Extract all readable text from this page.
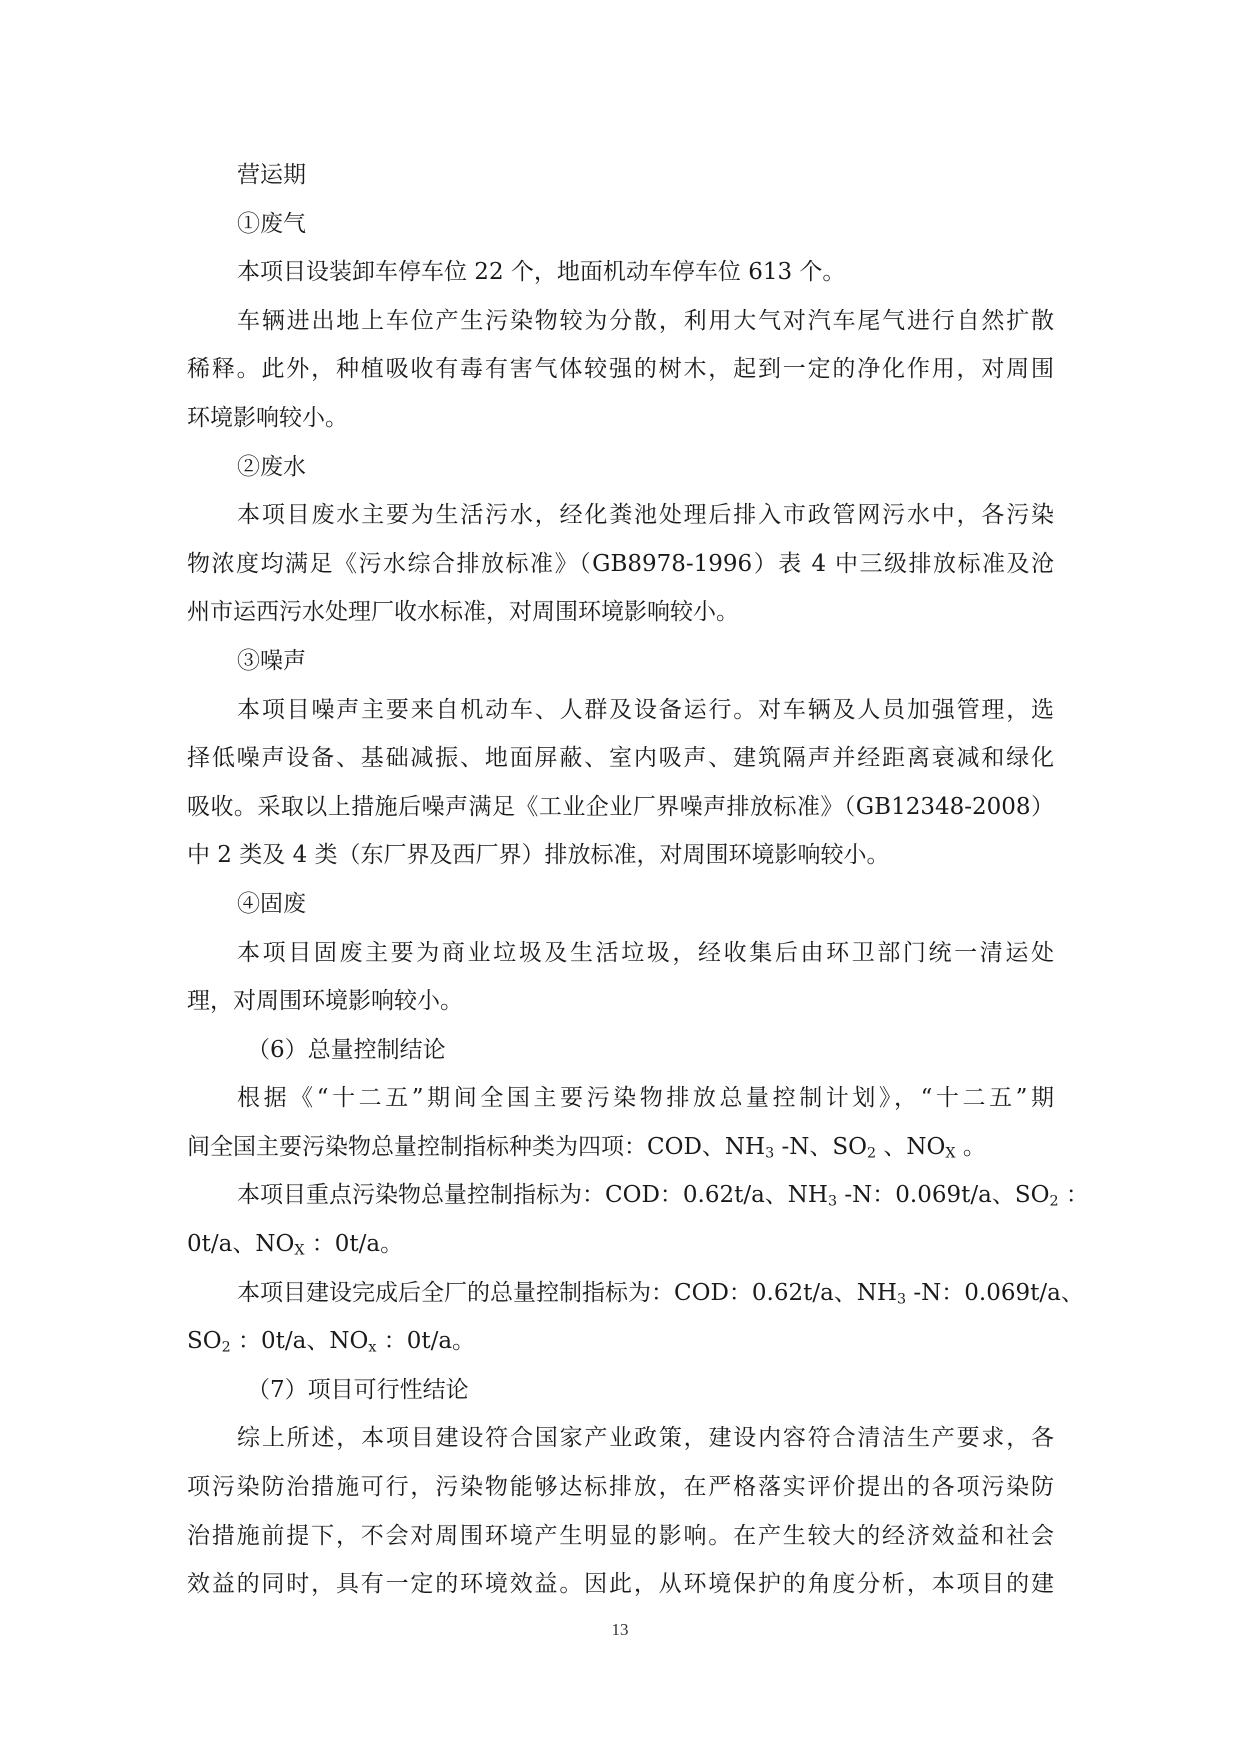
营运期
①废气
本项目设装卸车停车位 22 个，地面机动车停车位 613 个。
车辆进出地上车位产生污染物较为分散，利用大气对汽车尾气进行自然扩散
稀释。此外，种植吸收有毒有害气体较强的树木，起到一定的净化作用，对周围
环境影响较小。
②废水
本项目废水主要为生活污水，经化粪池处理后排入市政管网污水中，各污染
物浓度均满足《污水综合排放标准》（GB8978-1996）表 4 中三级排放标准及沧
州市运西污水处理厂收水标准，对周围环境影响较小。
③噪声
本项目噪声主要来自机动车、人群及设备运行。对车辆及人员加强管理，选
择低噪声设备、基础减振、地面屏蔽、室内吸声、建筑隔声并经距离衰减和绿化
吸收。采取以上措施后噪声满足《工业企业厂界噪声排放标准》（GB12348-2008）
中 2 类及 4 类（东厂界及西厂界）排放标准，对周围环境影响较小。
④固废
本项目固废主要为商业垃圾及生活垃圾，经收集后由环卫部门统一清运处
理，对周围环境影响较小。
（6）总量控制结论
根据《“十二五”期间全国主要污染物排放总量控制计划》，“十二五”期
间全国主要污染物总量控制指标种类为四项：COD、$NH_3$ -N、$SO_2$ 、$NO_X$ 。
本项目重点污染物总量控制指标为：COD：0.62t/a、$NH_3$ -N：0.069t/a、$SO_2$ ：
0t/a、$NO_X$ ：0t/a。
本项目建设完成后全厂的总量控制指标为：COD：0.62t/a、$NH_3$ -N：0.069t/a、
$SO_2$ ：0t/a、$NO_x$ ：0t/a。
（7）项目可行性结论
综上所述，本项目建设符合国家产业政策，建设内容符合清洁生产要求，各
项污染防治措施可行，污染物能够达标排放，在严格落实评价提出的各项污染防
治措施前提下，不会对周围环境产生明显的影响。在产生较大的经济效益和社会
效益的同时，具有一定的环境效益。因此，从环境保护的角度分析，本项目的建
13
